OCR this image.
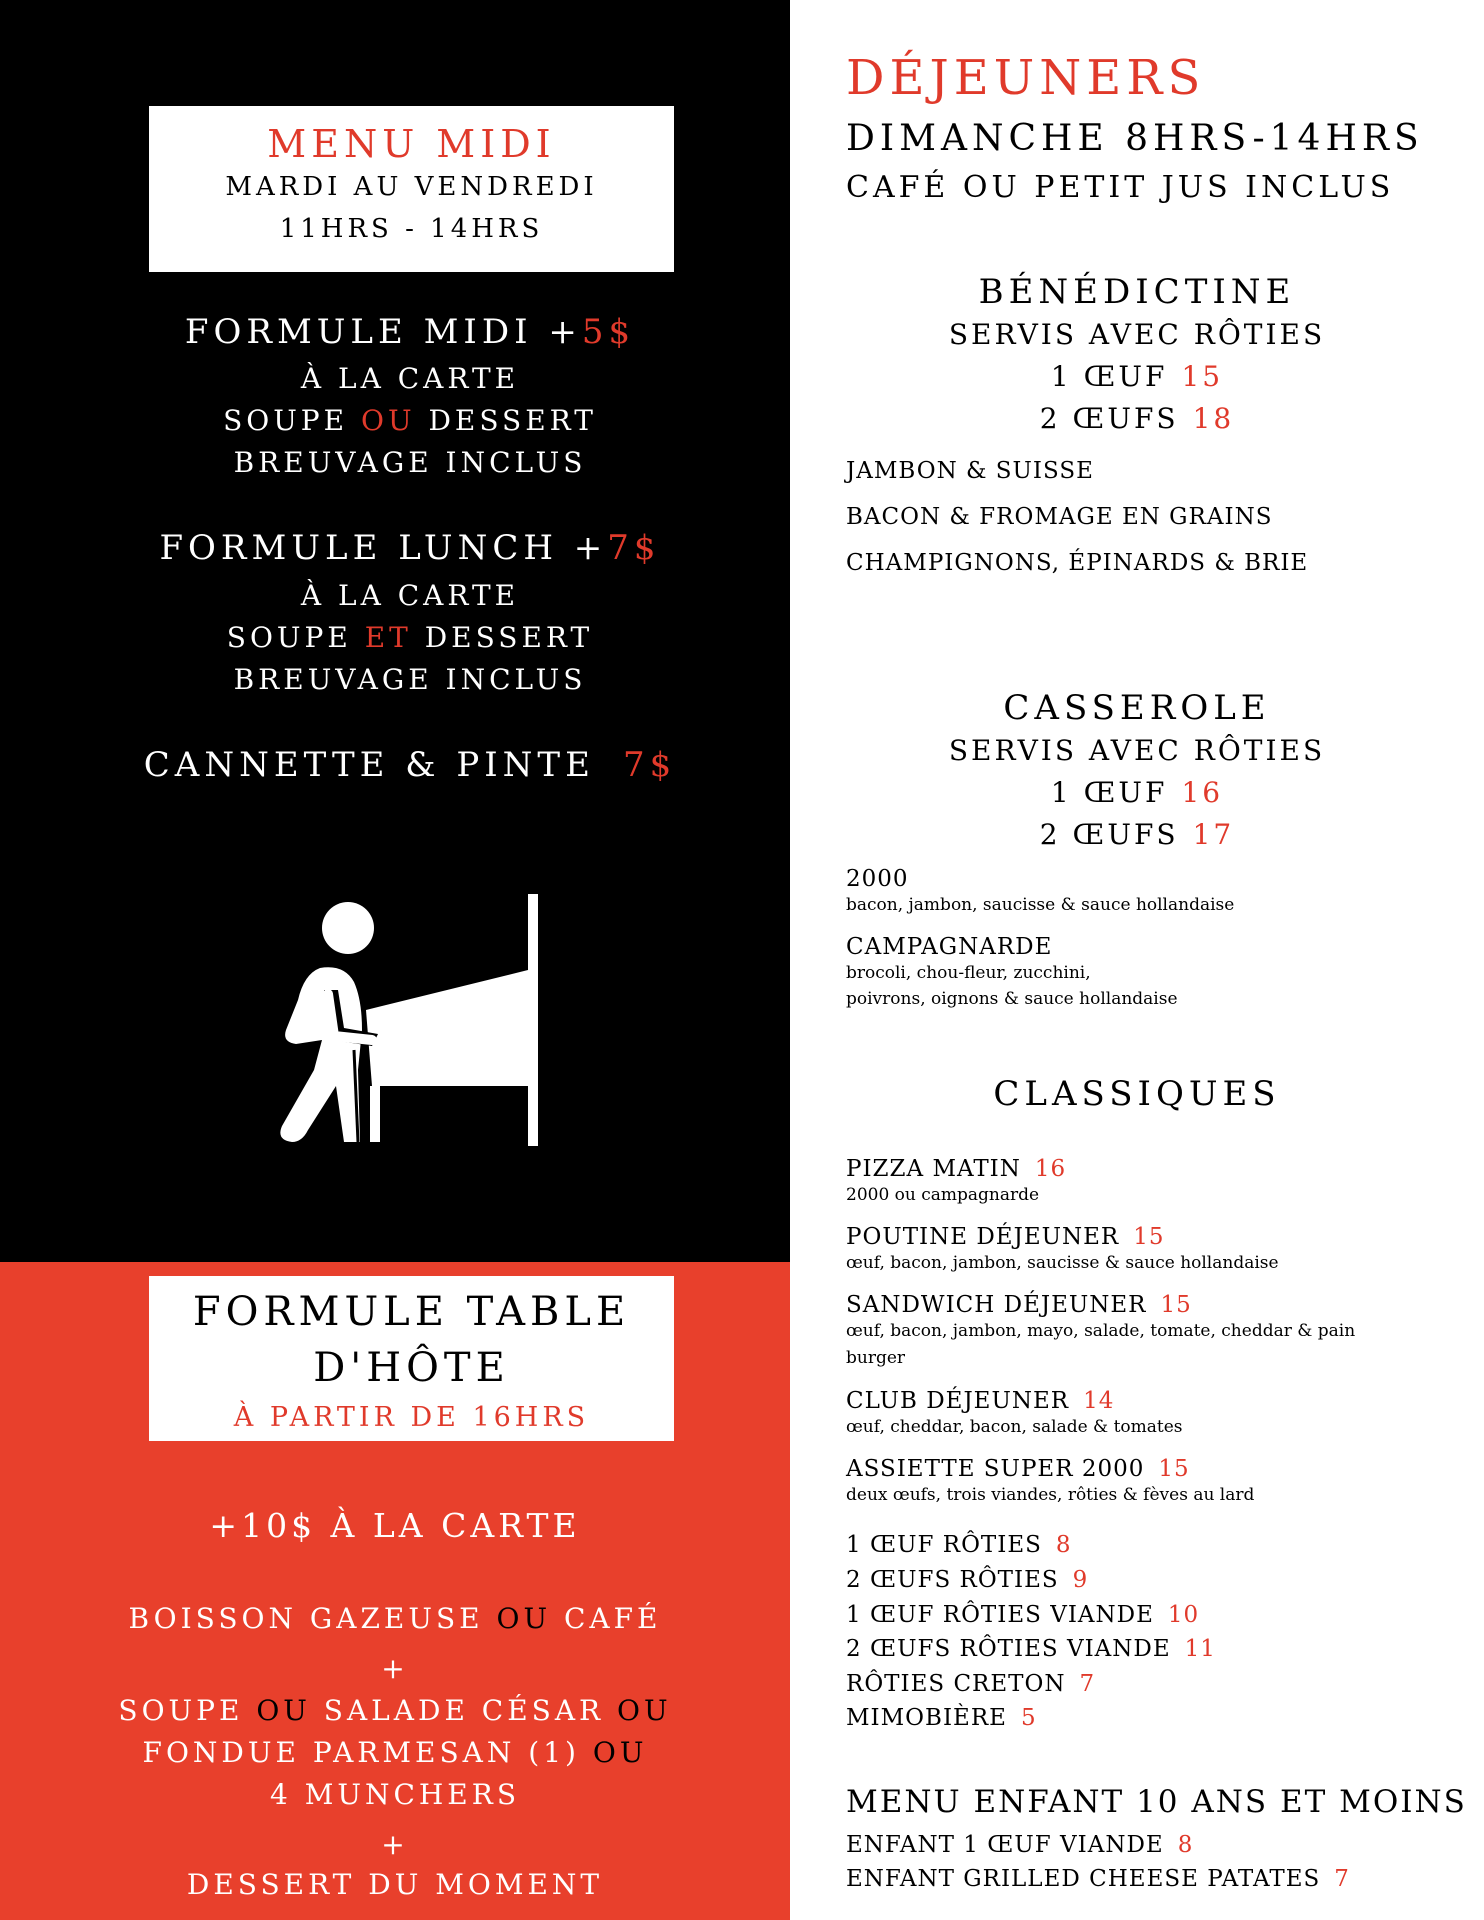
MENU MIDI
MARDI AU VENDREDI
11HRS - 14HRS
FORMULE MIDI +5$
À LA CARTE
SOUPE OU DESSERT
BREUVAGE INCLUS
FORMULE LUNCH +7$
À LA CARTE
SOUPE ET DESSERT
BREUVAGE INCLUS
CANNETTE & PINTE 7$
FORMULE TABLE
D'HÔTE
À PARTIR DE 16HRS
+10$ À LA CARTE
BOISSON GAZEUSE OU CAFÉ
+
SOUPE OU SALADE CÉSAR OU
FONDUE PARMESAN (1) OU
4 MUNCHERS
+
DESSERT DU MOMENT
DÉJEUNERS
DIMANCHE 8HRS-14HRS
CAFÉ OU PETIT JUS INCLUS
BÉNÉDICTINE
SERVIS AVEC RÔTIES
1 ŒUF 15
2 ŒUFS 18
JAMBON & SUISSE
BACON & FROMAGE EN GRAINS
CHAMPIGNONS, ÉPINARDS & BRIE
CASSEROLE
SERVIS AVEC RÔTIES
1 ŒUF 16
2 ŒUFS 17
2000
bacon, jambon, saucisse & sauce hollandaise
CAMPAGNARDE
brocoli, chou-fleur, zucchini,
poivrons, oignons & sauce hollandaise
CLASSIQUES
PIZZA MATIN 16
2000 ou campagnarde
POUTINE DÉJEUNER 15
œuf, bacon, jambon, saucisse & sauce hollandaise
SANDWICH DÉJEUNER 15
œuf, bacon, jambon, mayo, salade, tomate, cheddar & pain
burger
CLUB DÉJEUNER 14
œuf, cheddar, bacon, salade & tomates
ASSIETTE SUPER 2000 15
deux œufs, trois viandes, rôties & fèves au lard
1 ŒUF RÔTIES 8
2 ŒUFS RÔTIES 9
1 ŒUF RÔTIES VIANDE 10
2 ŒUFS RÔTIES VIANDE 11
RÔTIES CRETON 7
MIMOBIÈRE 5
MENU ENFANT 10 ANS ET MOINS
ENFANT 1 ŒUF VIANDE 8
ENFANT GRILLED CHEESE PATATES 7
